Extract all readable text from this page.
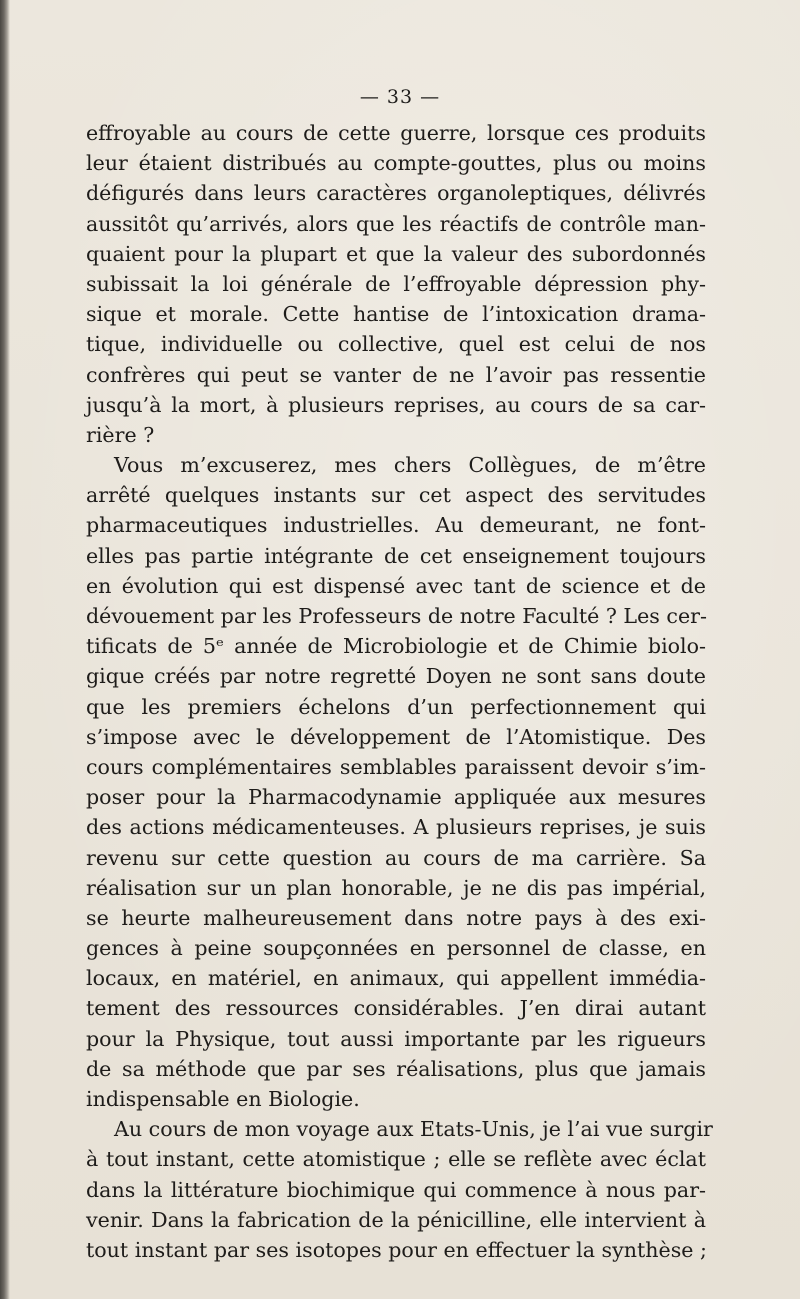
— 33 —
effroyable au cours de cette guerre, lorsque ces produits
leur étaient distribués au compte-gouttes, plus ou moins
défigurés dans leurs caractères organoleptiques, délivrés
aussitôt qu’arrivés, alors que les réactifs de contrôle man-
quaient pour la plupart et que la valeur des subordonnés
subissait la loi générale de l’effroyable dépression phy-
sique et morale. Cette hantise de l’intoxication drama-
tique, individuelle ou collective, quel est celui de nos
confrères qui peut se vanter de ne l’avoir pas ressentie
jusqu’à la mort, à plusieurs reprises, au cours de sa car-
rière ?
Vous m’excuserez, mes chers Collègues, de m’être
arrêté quelques instants sur cet aspect des servitudes
pharmaceutiques industrielles. Au demeurant, ne font-
elles pas partie intégrante de cet enseignement toujours
en évolution qui est dispensé avec tant de science et de
dévouement par les Professeurs de notre Faculté ? Les cer-
tificats de 5ᵉ année de Microbiologie et de Chimie biolo-
gique créés par notre regretté Doyen ne sont sans doute
que les premiers échelons d’un perfectionnement qui
s’impose avec le développement de l’Atomistique. Des
cours complémentaires semblables paraissent devoir s’im-
poser pour la Pharmacodynamie appliquée aux mesures
des actions médicamenteuses. A plusieurs reprises, je suis
revenu sur cette question au cours de ma carrière. Sa
réalisation sur un plan honorable, je ne dis pas impérial,
se heurte malheureusement dans notre pays à des exi-
gences à peine soupçonnées en personnel de classe, en
locaux, en matériel, en animaux, qui appellent immédia-
tement des ressources considérables. J’en dirai autant
pour la Physique, tout aussi importante par les rigueurs
de sa méthode que par ses réalisations, plus que jamais
indispensable en Biologie.
Au cours de mon voyage aux Etats-Unis, je l’ai vue surgir
à tout instant, cette atomistique ; elle se reflète avec éclat
dans la littérature biochimique qui commence à nous par-
venir. Dans la fabrication de la pénicilline, elle intervient à
tout instant par ses isotopes pour en effectuer la synthèse ;
